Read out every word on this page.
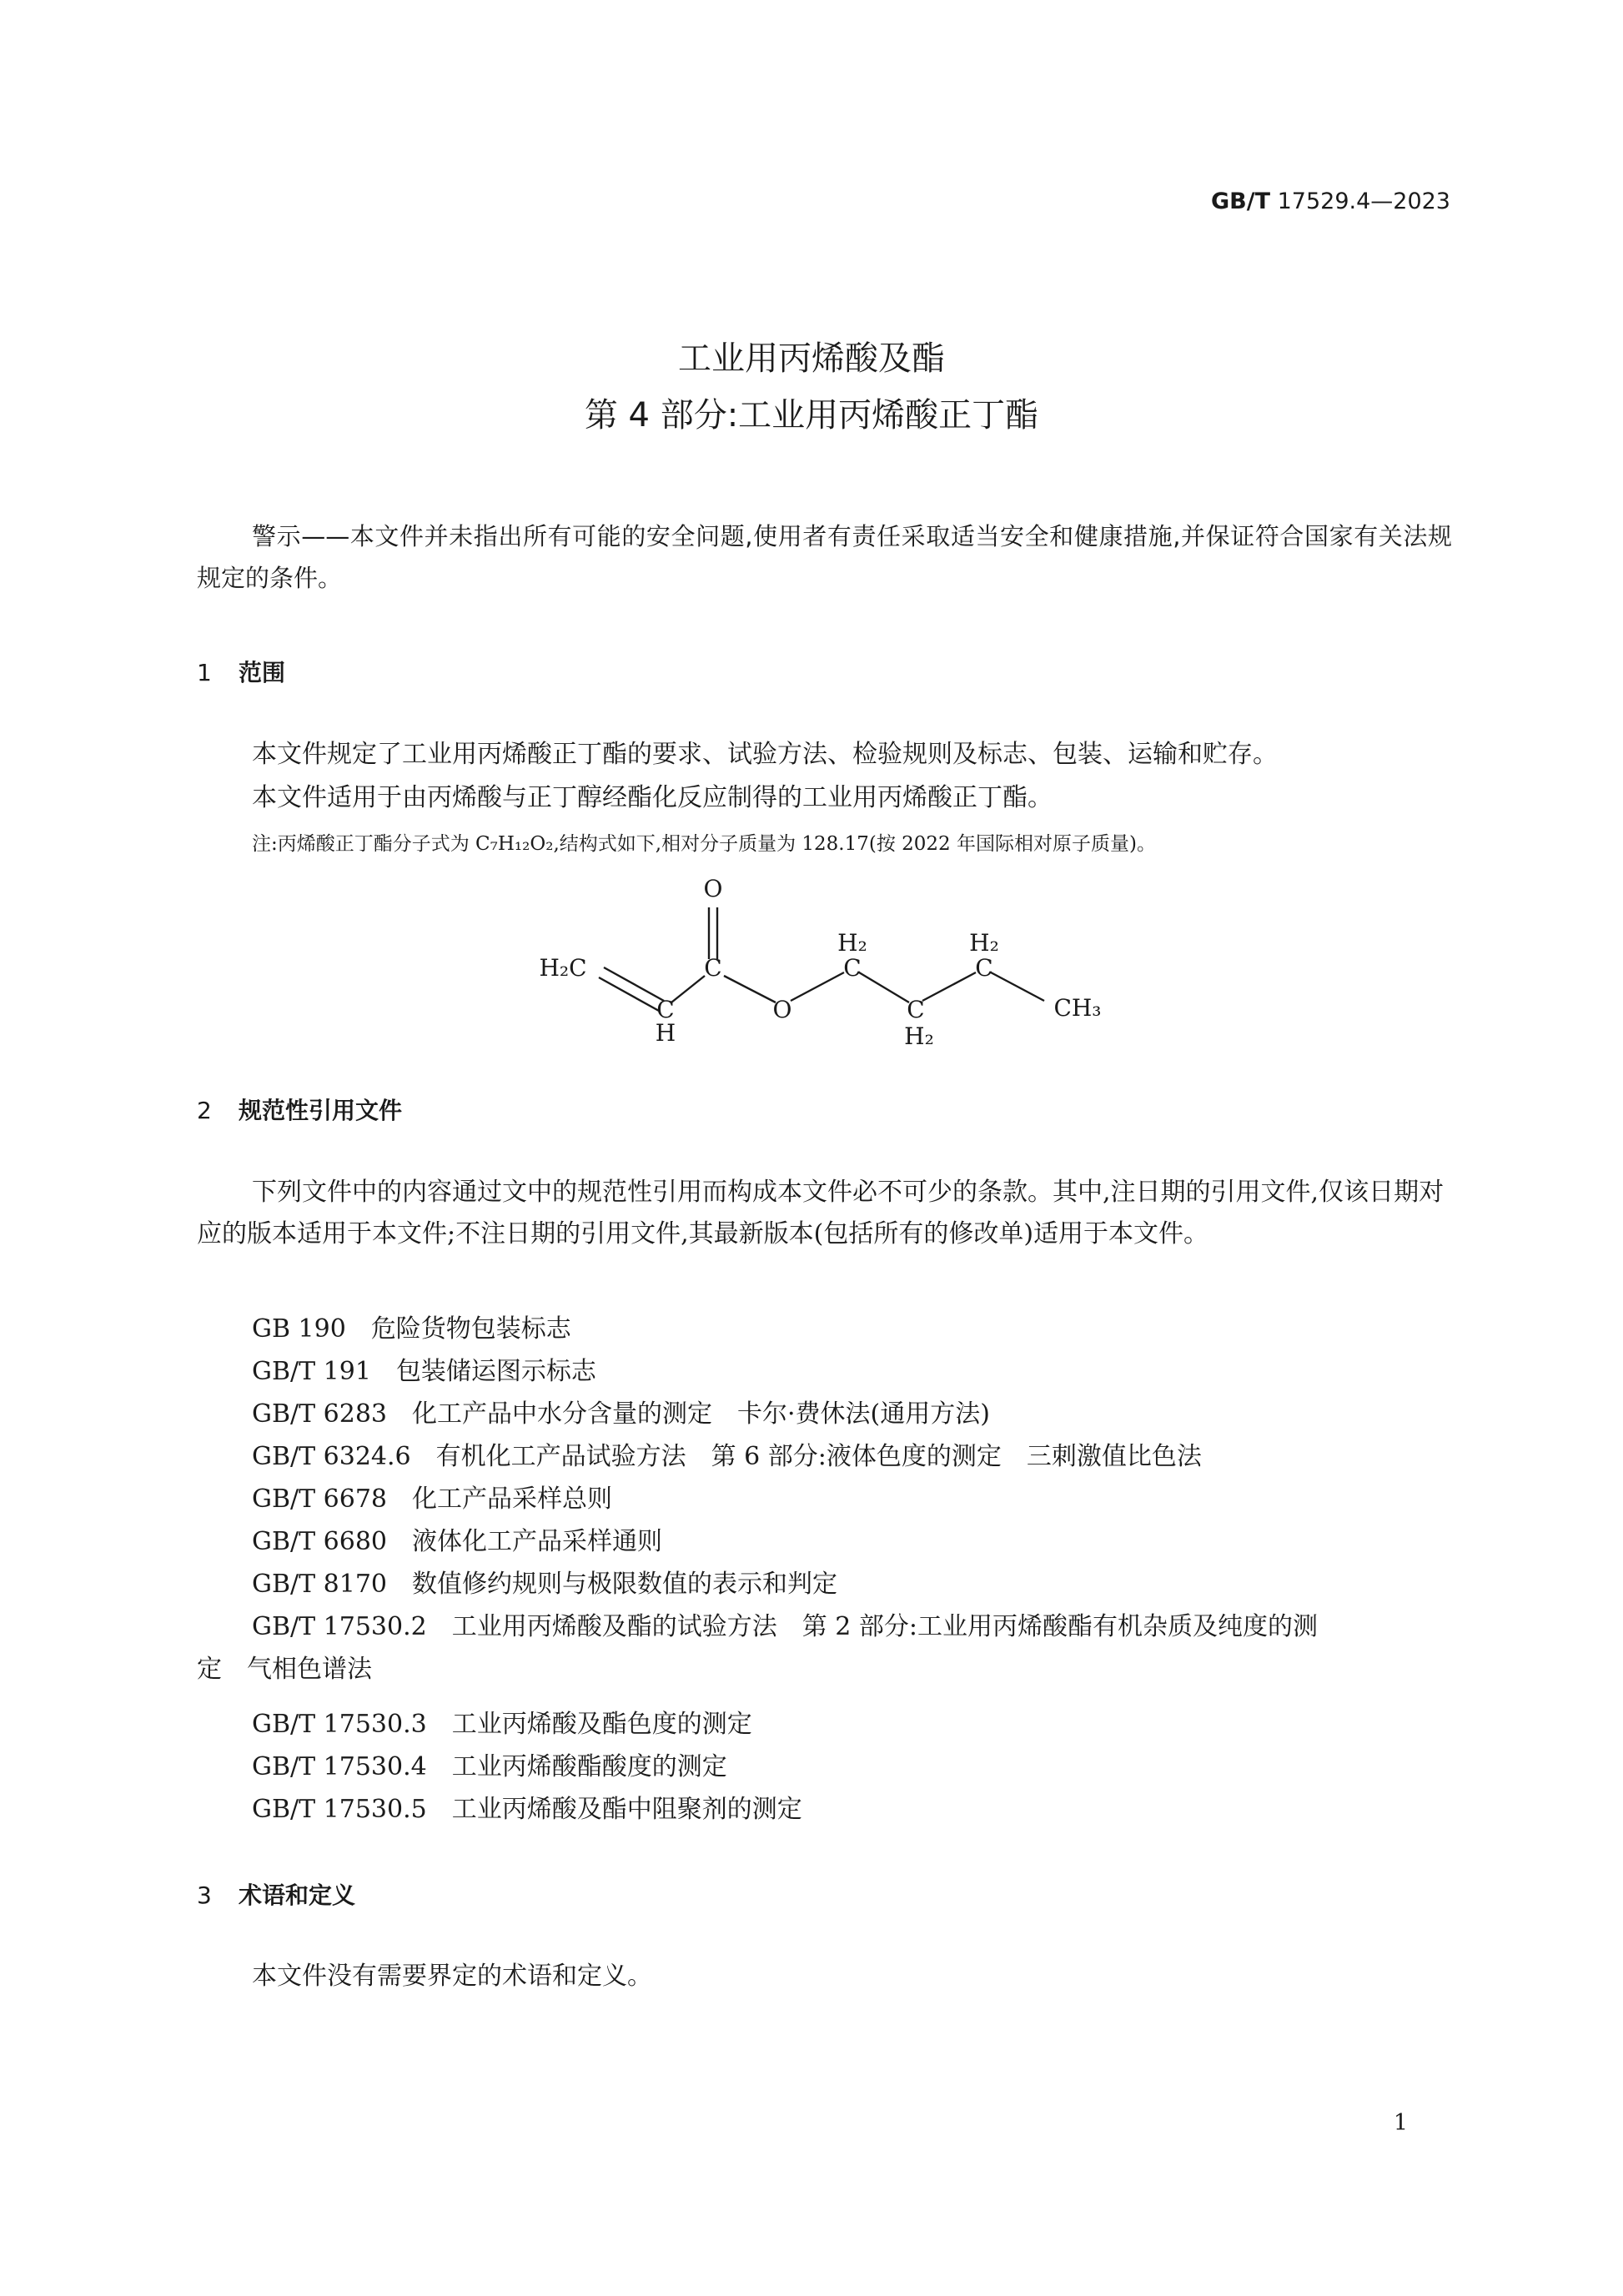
GB/T 17529.4—2023
工业用丙烯酸及酯
第 4 部分:工业用丙烯酸正丁酯
警示——本文件并未指出所有可能的安全问题,使用者有责任采取适当安全和健康措施,并保证符合国家有关法规规定的条件。
1 范围
本文件规定了工业用丙烯酸正丁酯的要求、试验方法、检验规则及标志、包装、运输和贮存。
本文件适用于由丙烯酸与正丁醇经酯化反应制得的工业用丙烯酸正丁酯。
注:丙烯酸正丁酯分子式为 C₇H₁₂O₂,结构式如下,相对分子质量为 128.17(按 2022 年国际相对原子质量)。
O
H₂C
C
H
C
O
C
H₂
C
H₂
C
H₂
CH₃
2 规范性引用文件
下列文件中的内容通过文中的规范性引用而构成本文件必不可少的条款。其中,注日期的引用文件,仅该日期对应的版本适用于本文件;不注日期的引用文件,其最新版本(包括所有的修改单)适用于本文件。
GB 190　 危险货物包装标志
GB/T 191　 包装储运图示标志
GB/T 6283　 化工产品中水分含量的测定　卡尔·费休法(通用方法)
GB/T 6324.6　 有机化工产品试验方法　第 6 部分:液体色度的测定　三刺激值比色法
GB/T 6678　 化工产品采样总则
GB/T 6680　 液体化工产品采样通则
GB/T 8170　 数值修约规则与极限数值的表示和判定
GB/T 17530.2　 工业用丙烯酸及酯的试验方法　第 2 部分:工业用丙烯酸酯有机杂质及纯度的测
定　气相色谱法
GB/T 17530.3　 工业丙烯酸及酯色度的测定
GB/T 17530.4　 工业丙烯酸酯酸度的测定
GB/T 17530.5　 工业丙烯酸及酯中阻聚剂的测定
3 术语和定义
本文件没有需要界定的术语和定义。
1
